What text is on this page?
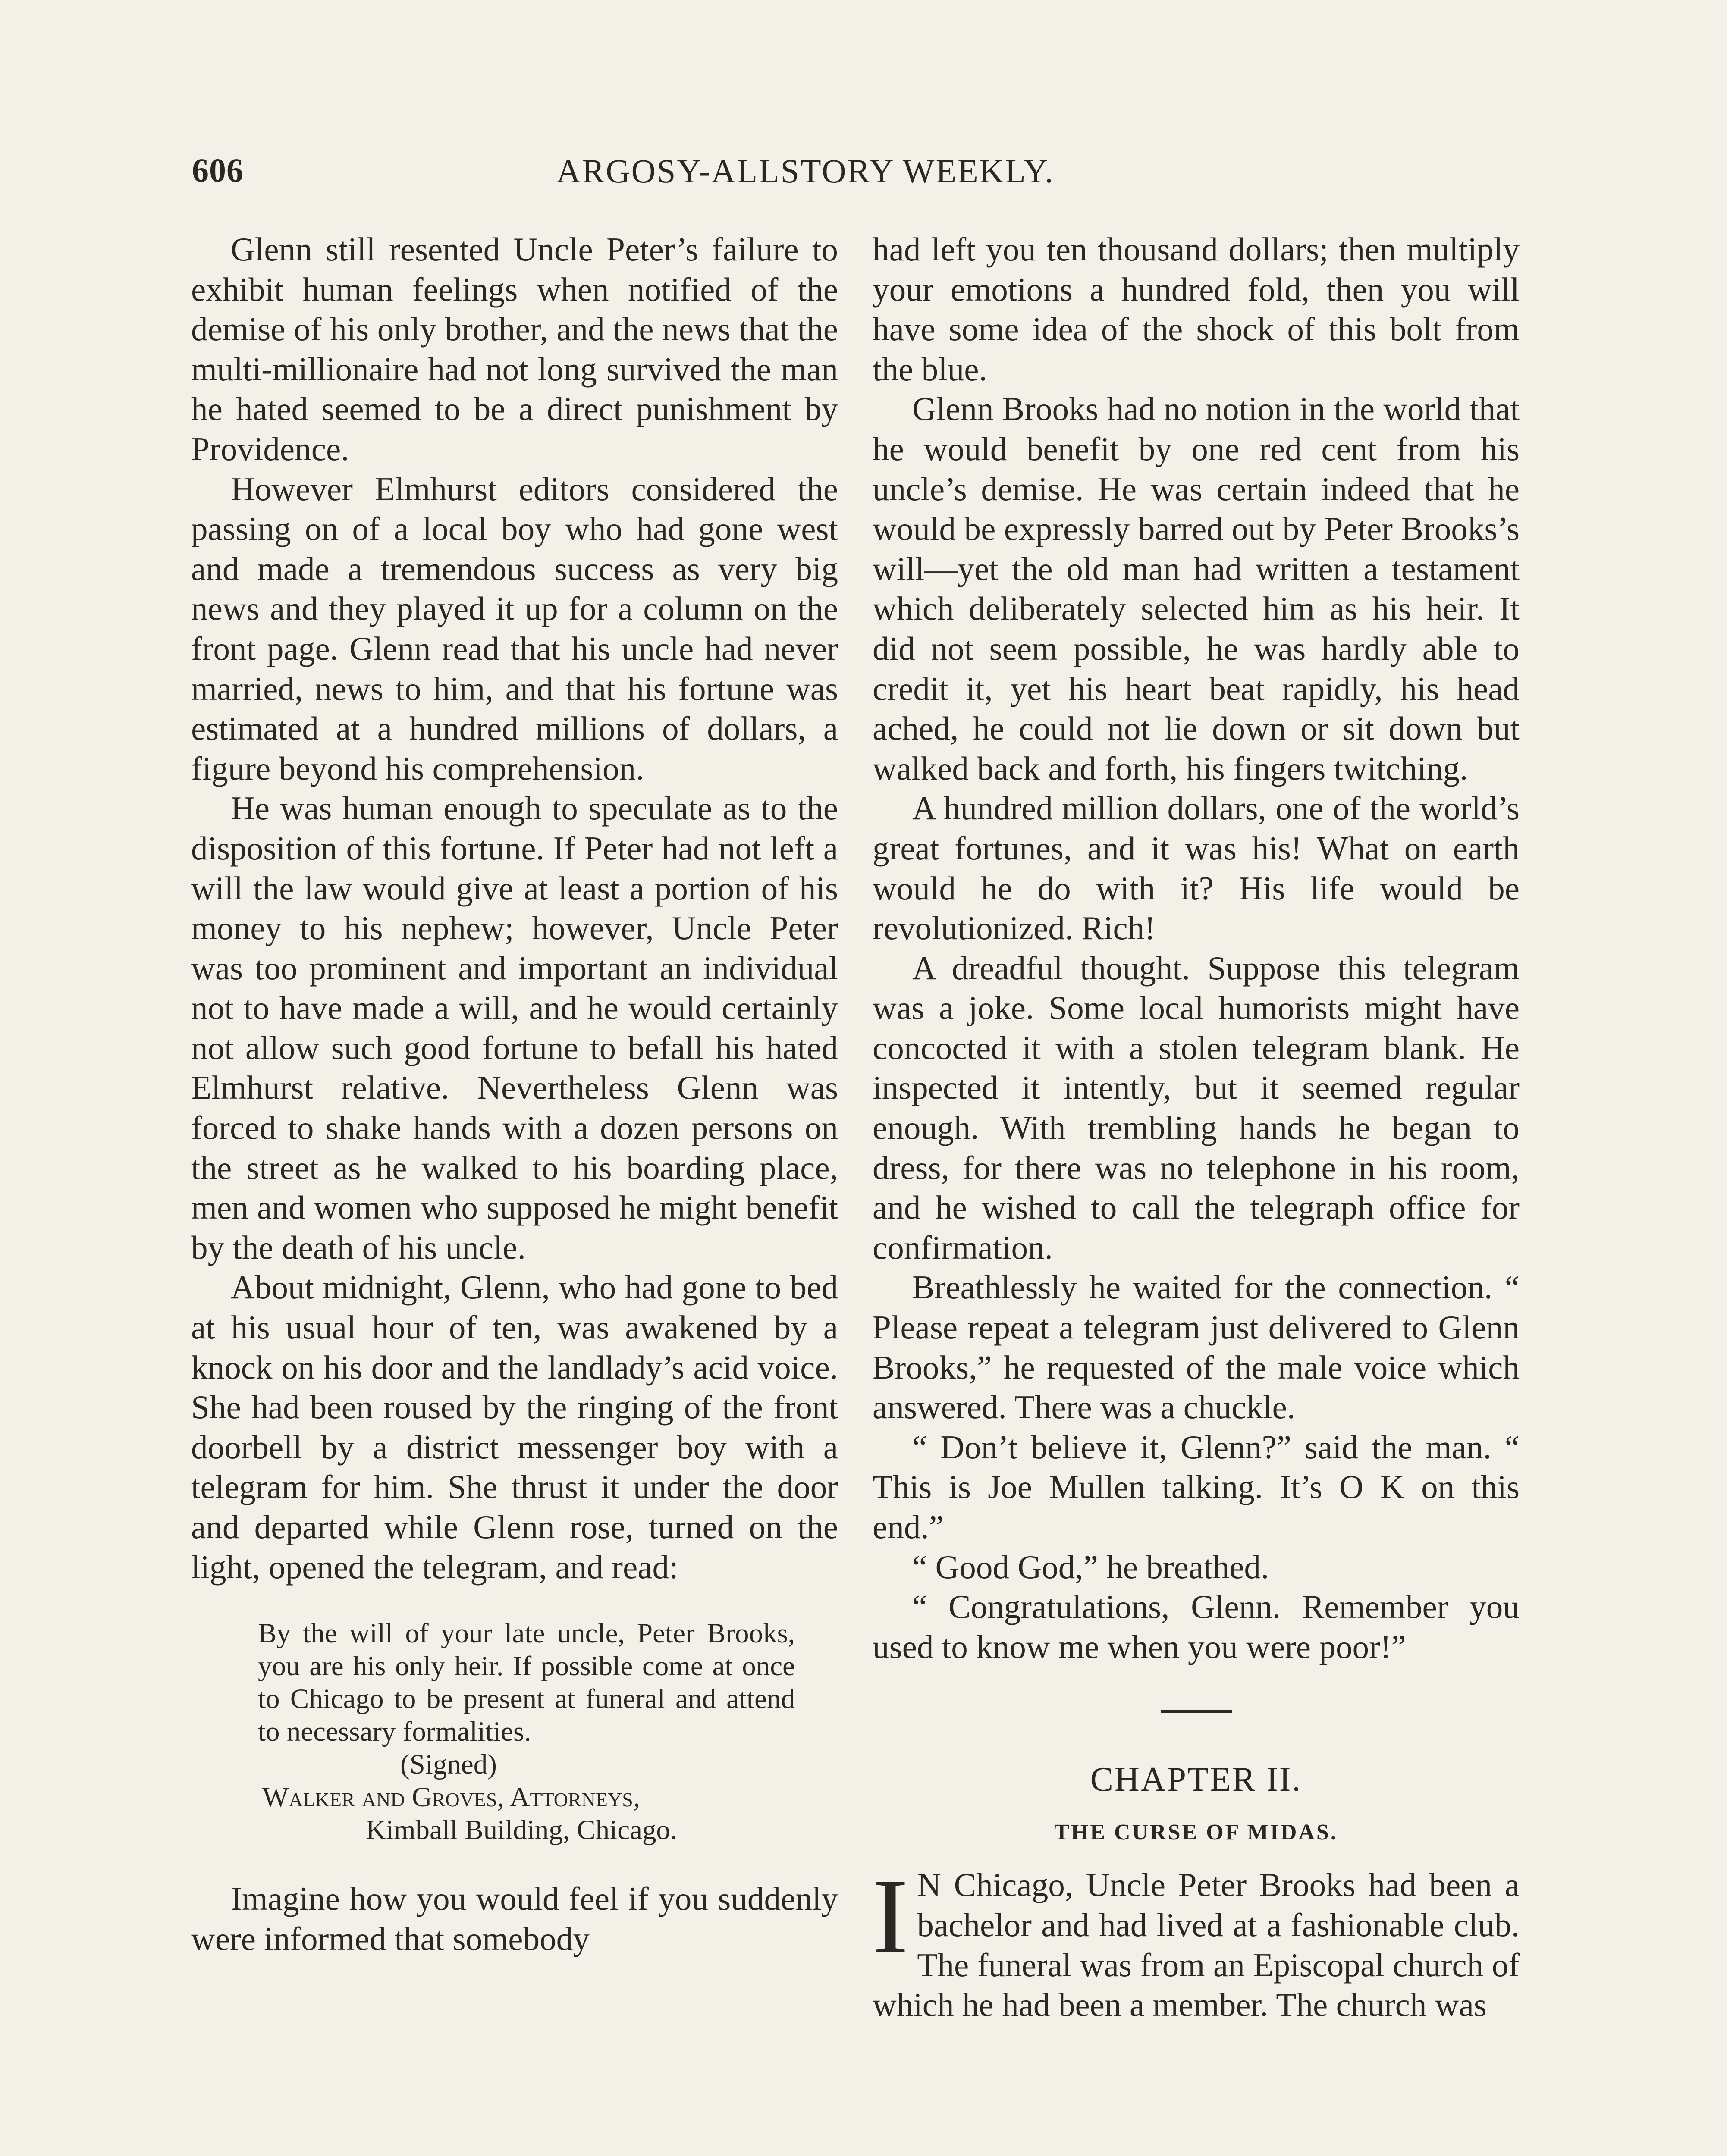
606	ARGOSY-ALLSTORY WEEKLY.

Glenn still resented Uncle Peter’s failure to exhibit human feelings when notified of the demise of his only brother, and the news that the multi-millionaire had not long survived the man he hated seemed to be a direct punishment by Providence.

However Elmhurst editors considered the passing on of a local boy who had gone west and made a tremendous success as very big news and they played it up for a column on the front page. Glenn read that his uncle had never married, news to him, and that his fortune was estimated at a hundred millions of dollars, a figure beyond his comprehension.

He was human enough to speculate as to the disposition of this fortune. If Peter had not left a will the law would give at least a portion of his money to his nephew; however, Uncle Peter was too prominent and important an individual not to have made a will, and he would certainly not allow such good fortune to befall his hated Elmhurst relative. Nevertheless Glenn was forced to shake hands with a dozen persons on the street as he walked to his boarding place, men and women who supposed he might benefit by the death of his uncle.

About midnight, Glenn, who had gone to bed at his usual hour of ten, was awakened by a knock on his door and the landlady’s acid voice. She had been roused by the ringing of the front doorbell by a district messenger boy with a telegram for him. She thrust it under the door and departed while Glenn rose, turned on the light, opened the telegram, and read:

By the will of your late uncle, Peter Brooks, you are his only heir. If possible come at once to Chicago to be present at funeral and attend to necessary formalities.
(Signed)
Walker and Groves, Attorneys,
Kimball Building, Chicago.

Imagine how you would feel if you suddenly were informed that somebody

had left you ten thousand dollars; then multiply your emotions a hundred fold, then you will have some idea of the shock of this bolt from the blue.

Glenn Brooks had no notion in the world that he would benefit by one red cent from his uncle’s demise. He was certain indeed that he would be expressly barred out by Peter Brooks’s will—yet the old man had written a testament which deliberately selected him as his heir. It did not seem possible, he was hardly able to credit it, yet his heart beat rapidly, his head ached, he could not lie down or sit down but walked back and forth, his fingers twitching.

A hundred million dollars, one of the world’s great fortunes, and it was his! What on earth would he do with it? His life would be revolutionized. Rich!

A dreadful thought. Suppose this telegram was a joke. Some local humorists might have concocted it with a stolen telegram blank. He inspected it intently, but it seemed regular enough. With trembling hands he began to dress, for there was no telephone in his room, and he wished to call the telegraph office for confirmation.

Breathlessly he waited for the connection. “ Please repeat a telegram just delivered to Glenn Brooks,” he requested of the male voice which answered. There was a chuckle.

“ Don’t believe it, Glenn?” said the man. “ This is Joe Mullen talking. It’s O K on this end.”

“ Good God,” he breathed.

“ Congratulations, Glenn. Remember you used to know me when you were poor!”

CHAPTER II.
THE CURSE OF MIDAS.

I N Chicago, Uncle Peter Brooks had been a bachelor and had lived at a fashionable club. The funeral was from an Episcopal church of which he had been a member. The church was
